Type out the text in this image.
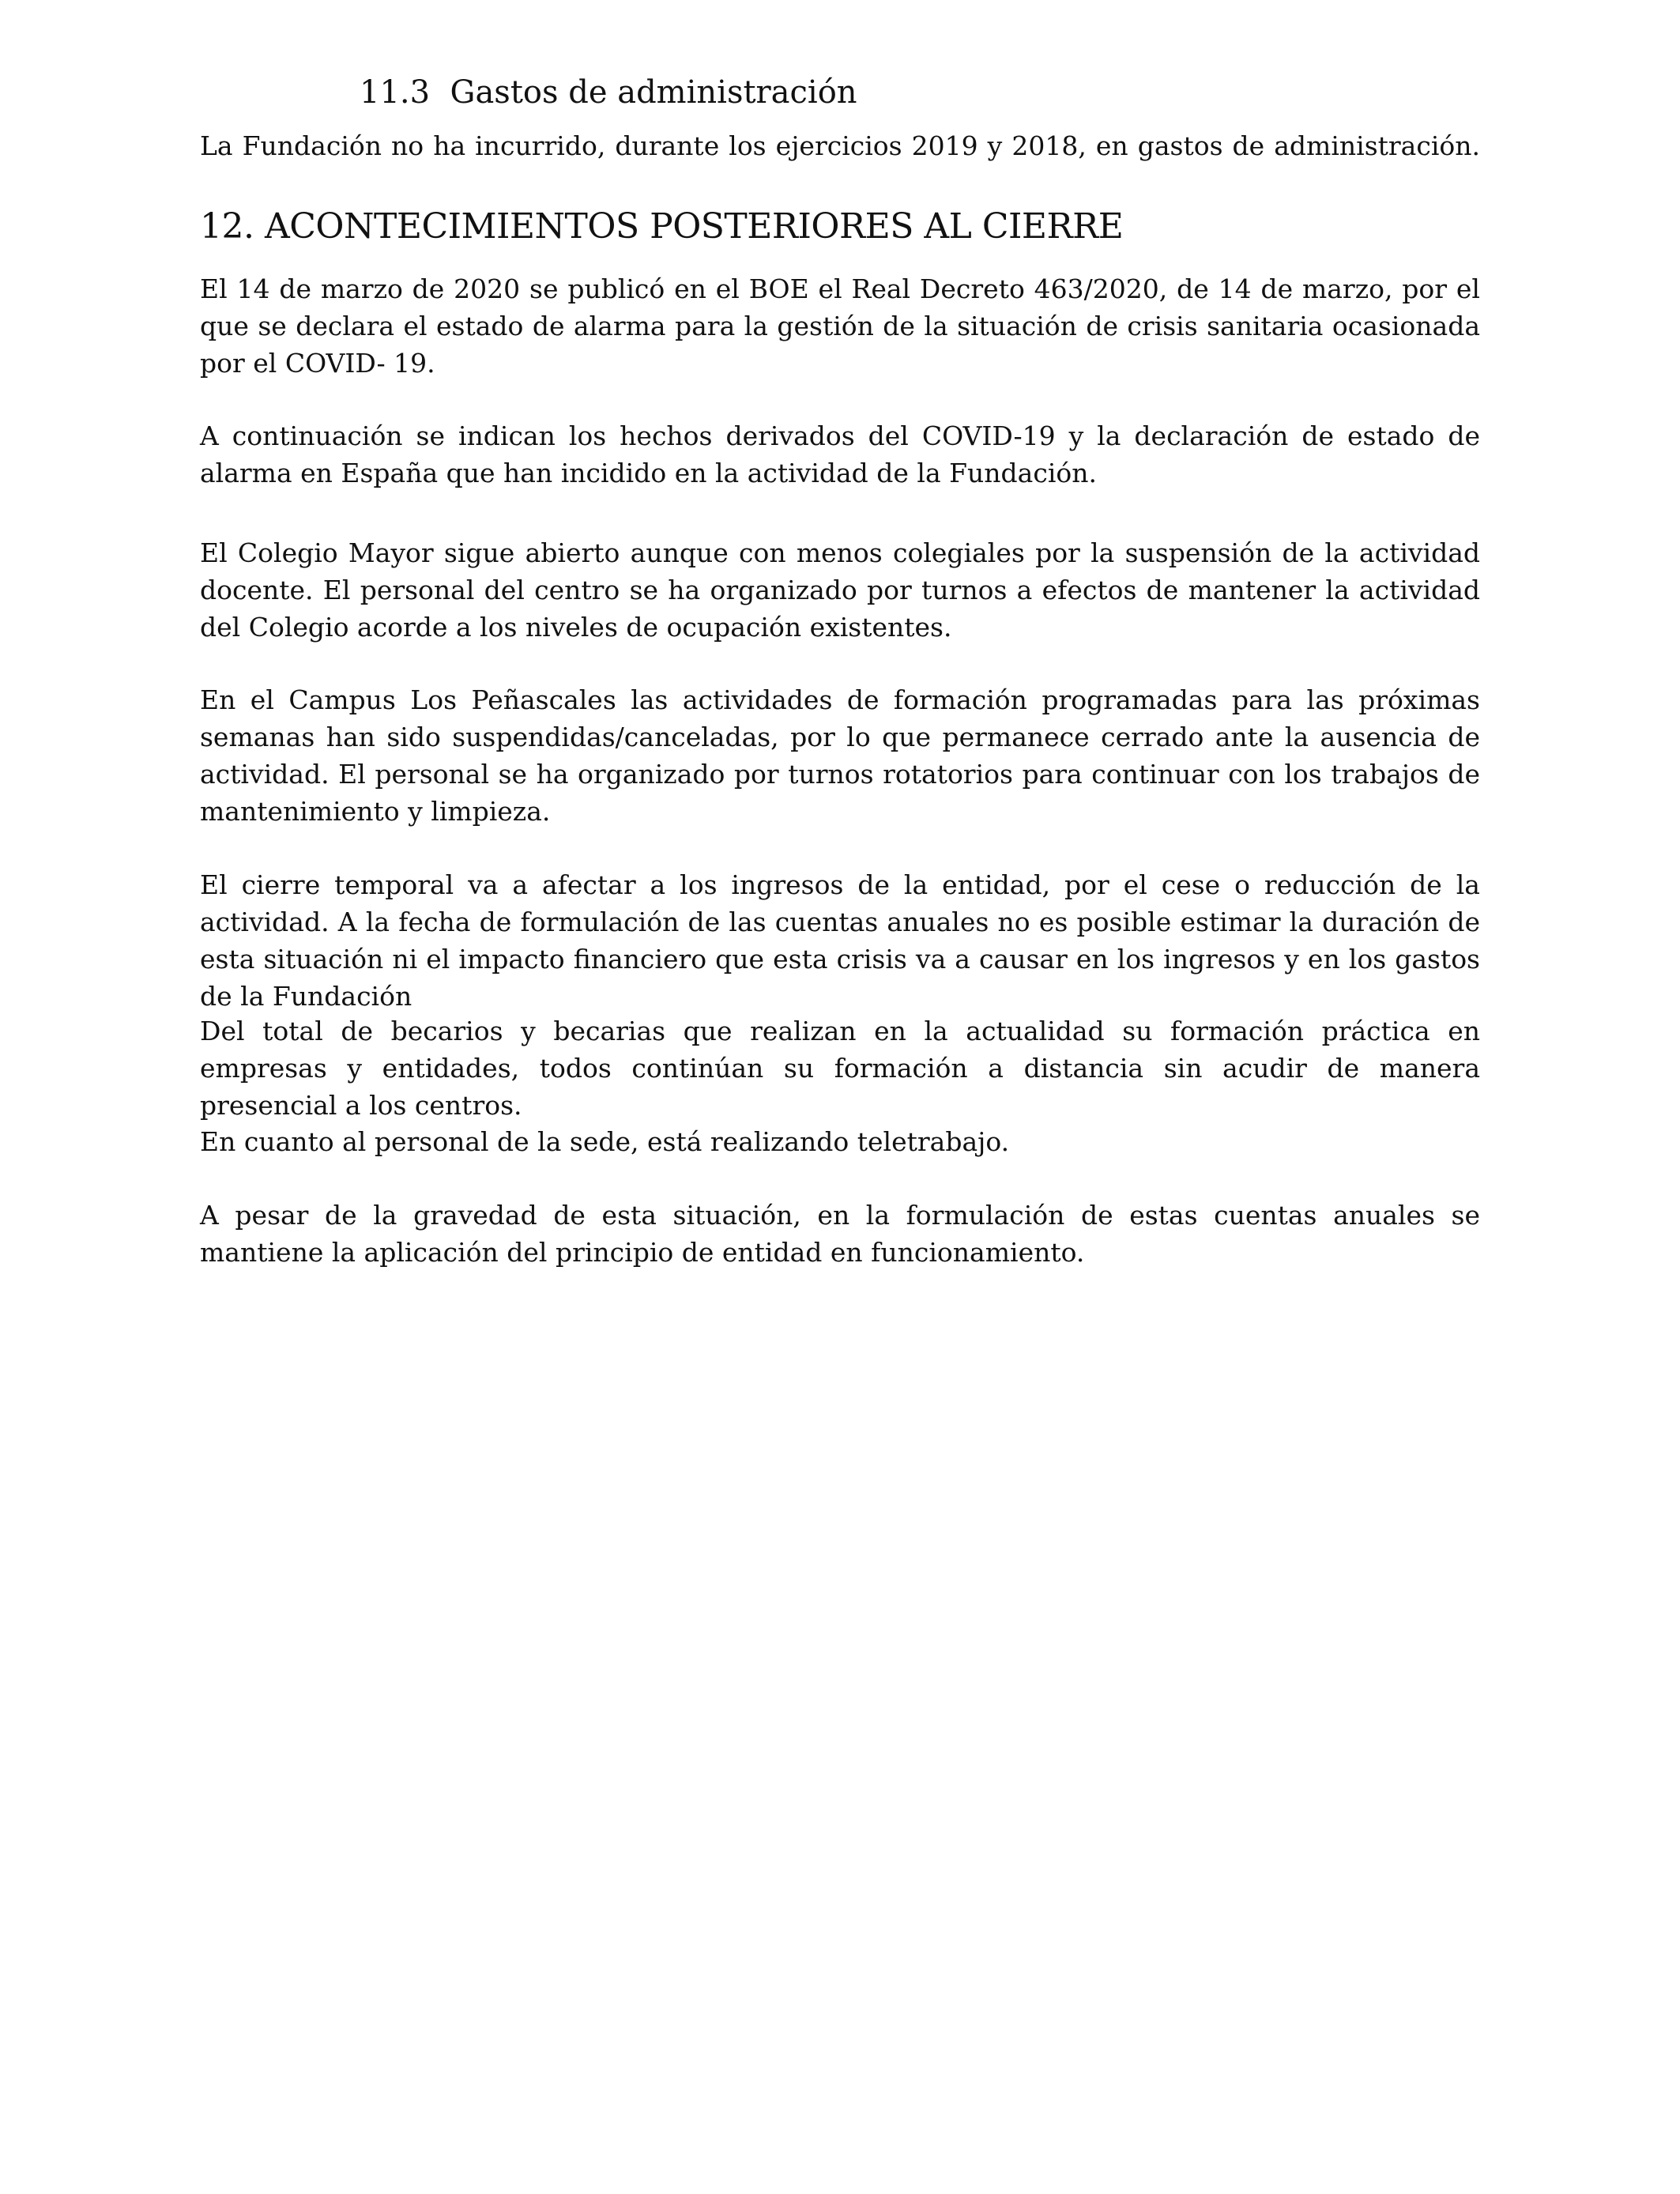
11.3 Gastos de administración

La Fundación no ha incurrido, durante los ejercicios 2019 y 2018, en gastos de administración.

12. ACONTECIMIENTOS POSTERIORES AL CIERRE

El 14 de marzo de 2020 se publicó en el BOE el Real Decreto 463/2020, de 14 de marzo, por el que se declara el estado de alarma para la gestión de la situación de crisis sanitaria ocasionada por el COVID- 19.

A continuación se indican los hechos derivados del COVID-19 y la declaración de estado de alarma en España que han incidido en la actividad de la Fundación.

El Colegio Mayor sigue abierto aunque con menos colegiales por la suspensión de la actividad docente. El personal del centro se ha organizado por turnos a efectos de mantener la actividad del Colegio acorde a los niveles de ocupación existentes.

En el Campus Los Peñascales las actividades de formación programadas para las próximas semanas han sido suspendidas/canceladas, por lo que permanece cerrado ante la ausencia de actividad. El personal se ha organizado por turnos rotatorios para continuar con los trabajos de mantenimiento y limpieza.

El cierre temporal va a afectar a los ingresos de la entidad, por el cese o reducción de la actividad. A la fecha de formulación de las cuentas anuales no es posible estimar la duración de esta situación ni el impacto financiero que esta crisis va a causar en los ingresos y en los gastos de la Fundación

Del total de becarios y becarias que realizan en la actualidad su formación práctica en empresas y entidades, todos continúan su formación a distancia sin acudir de manera presencial a los centros.

En cuanto al personal de la sede, está realizando teletrabajo.

A pesar de la gravedad de esta situación, en la formulación de estas cuentas anuales se mantiene la aplicación del principio de entidad en funcionamiento.
